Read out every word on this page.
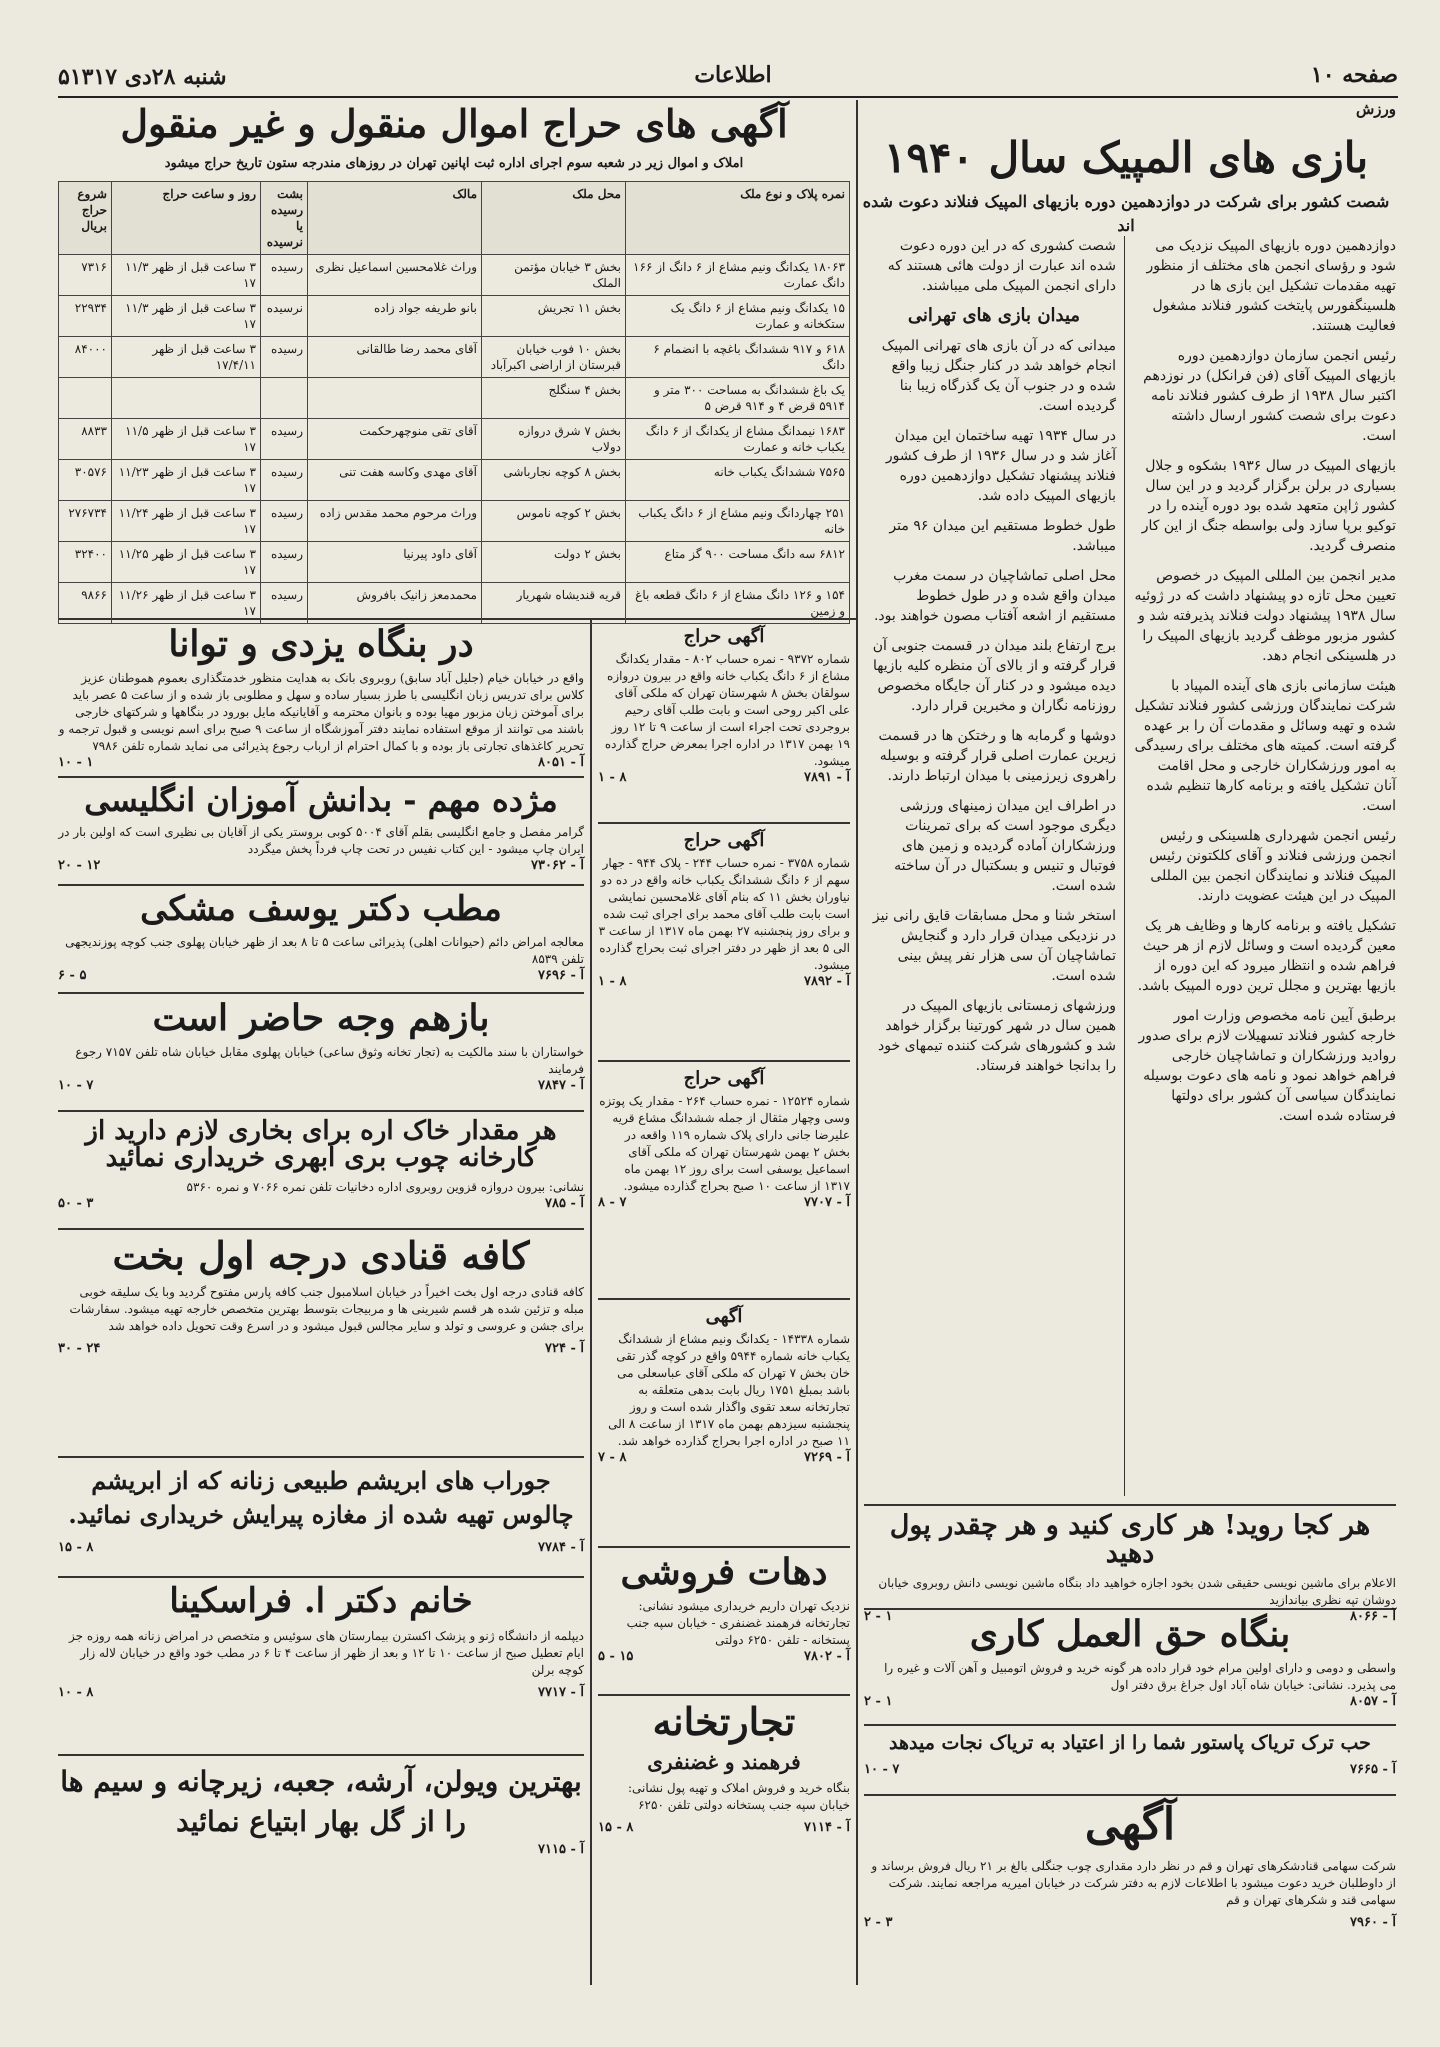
۵شنبه ۲۸دی ۱۳۱۷	اطلاعات	صفحه ۱۰
ورزش
بازی های المپیک سال ۱۹۴۰
شصت کشور برای شرکت در دوازدهمین دوره بازیهای المپیک فنلاند دعوت شده اند

دوازدهمین دوره بازیهای المپیک نزدیک می شود و رؤسای انجمن های مختلف از منظور تهیه مقدمات تشکیل این بازی ها در هلسینگفورس پایتخت کشور فنلاند مشغول فعالیت هستند.

رئیس انجمن سازمان دوازدهمین دوره بازیهای المپیک آقای (فن فرانکل) در نوزدهم اکتبر سال ۱۹۳۸ از طرف کشور فنلاند نامه دعوت برای شصت کشور ارسال داشته است.

بازیهای المپیک در سال ۱۹۳۶ بشکوه و جلال بسیاری در برلن برگزار گردید و در این سال کشور ژاپن متعهد شده بود دوره آینده را در توکیو برپا سازد ولی بواسطه جنگ از این کار منصرف گردید.

مدیر انجمن بین المللی المپیک در خصوص تعیین محل تازه دو پیشنهاد داشت که در ژوئیه سال ۱۹۳۸ پیشنهاد دولت فنلاند پذیرفته شد و کشور مزبور موظف گردید بازیهای المپیک را در هلسینکی انجام دهد.

هیئت سازمانی بازی های آینده المپیاد با شرکت نمایندگان ورزشی کشور فنلاند تشکیل شده و تهیه وسائل و مقدمات آن را بر عهده گرفته است. کمیته های مختلف برای رسیدگی به امور ورزشکاران خارجی و محل اقامت آنان تشکیل یافته و برنامه کارها تنظیم شده است.

رئیس انجمن شهرداری هلسینکی و رئیس انجمن ورزشی فنلاند و آقای کلکتونن رئیس المپیک فنلاند و نمایندگان انجمن بین المللی المپیک در این هیئت عضویت دارند.

تشکیل یافته و برنامه کارها و وظایف هر یک معین گردیده است و وسائل لازم از هر حیث فراهم شده و انتظار میرود که این دوره از بازیها بهترین و مجلل ترین دوره المپیک باشد.

برطبق آیین نامه مخصوص وزارت امور خارجه کشور فنلاند تسهیلات لازم برای صدور روادید ورزشکاران و تماشاچیان خارجی فراهم خواهد نمود و نامه های دعوت بوسیله نمایندگان سیاسی آن کشور برای دولتها فرستاده شده است.

شصت کشوری که در این دوره دعوت شده اند عبارت از دولت هائی هستند که دارای انجمن المپیک ملی میباشند.

میدان بازی های تهرانی

میدانی که در آن بازی های تهرانی المپیک انجام خواهد شد در کنار جنگل زیبا واقع شده و در جنوب آن یک گذرگاه زیبا بنا گردیده است.

در سال ۱۹۳۴ تهیه ساختمان این میدان آغاز شد و در سال ۱۹۳۶ از طرف کشور فنلاند پیشنهاد تشکیل دوازدهمین دوره بازیهای المپیک داده شد.

طول خطوط مستقیم این میدان ۹۶ متر میباشد.

محل اصلی تماشاچیان در سمت مغرب میدان واقع شده و در طول خطوط مستقیم از اشعه آفتاب مصون خواهند بود.

برج ارتفاع بلند میدان در قسمت جنوبی آن قرار گرفته و از بالای آن منظره کلیه بازیها دیده میشود و در کنار آن جایگاه مخصوص روزنامه نگاران و مخبرین قرار دارد.

دوشها و گرمابه ها و رختکن ها در قسمت زیرین عمارت اصلی قرار گرفته و بوسیله راهروی زیرزمینی با میدان ارتباط دارند.

در اطراف این میدان زمینهای ورزشی دیگری موجود است که برای تمرینات ورزشکاران آماده گردیده و زمین های فوتبال و تنیس و بسکتبال در آن ساخته شده است.

استخر شنا و محل مسابقات قایق رانی نیز در نزدیکی میدان قرار دارد و گنجایش تماشاچیان آن سی هزار نفر پیش بینی شده است.

ورزشهای زمستانی بازیهای المپیک در همین سال در شهر کورتینا برگزار خواهد شد و کشورهای شرکت کننده تیمهای خود را بدانجا خواهند فرستاد.

آگهی های حراج اموال منقول و غیر منقول
املاک و اموال زیر در شعبه سوم اجرای اداره ثبت اپانین تهران در روزهای مندرجه ستون تاریخ حراج میشود
نمره پلاک و نوع ملک	محل ملک	مالک	بشت رسیده یا نرسیده	روز و ساعت حراج	شروع حراج بریال
۱۸۰۶۳ یکدانگ ونیم مشاع از ۶ دانگ از ۱۶۶ دانگ عمارت	بخش ۳ خیابان مؤتمن الملک	وراث غلامحسین اسماعیل نظری	رسیده	۳ ساعت قبل از ظهر ۱۱/۳ ۱۷	۷۳۱۶
۱۵ یکدانگ ونیم مشاع از ۶ دانگ یک ستکخانه و عمارت	بخش ۱۱ تجریش	بانو طریفه جواد زاده	نرسیده	۳ ساعت قبل از ظهر ۱۱/۳ ۱۷	۲۲۹۳۴
۶۱۸ و ۹۱۷ ششدانگ باغچه با انضمام ۶ دانگ	بخش ۱۰ فوب خیابان قبرستان از اراضی اکبرآباد	آقای محمد رضا طالقانی	رسیده	۳ ساعت قبل از ظهر ۱۷/۴/۱۱	۸۴۰۰۰
یک باغ ششدانگ به مساحت ۳۰۰ متر و ۵۹۱۴ قرض ۴ و ۹۱۴ قرض ۵	بخش ۴ سنگلج				
۱۶۸۳ نیمدانگ مشاع از یکدانگ از ۶ دانگ یکباب خانه و عمارت	بخش ۷ شرق دروازه دولاب	آقای تقی منوچهرحکمت	رسیده	۳ ساعت قبل از ظهر ۱۱/۵ ۱۷	۸۸۳۳
۷۵۶۵ ششدانگ یکباب خانه	بخش ۸ کوچه نجارباشی	آقای مهدی وکاسه هفت تنی	رسیده	۳ ساعت قبل از ظهر ۱۱/۲۳ ۱۷	۳۰۵۷۶
۲۵۱ چهاردانگ ونیم مشاع از ۶ دانگ یکباب خانه	بخش ۲ کوچه ناموس	وراث مرحوم محمد مقدس زاده	رسیده	۳ ساعت قبل از ظهر ۱۱/۲۴ ۱۷	۲۷۶۷۳۴
۶۸۱۲ سه دانگ مساحت ۹۰۰ گز متاع	بخش ۲ دولت	آقای داود پیرنیا	رسیده	۳ ساعت قبل از ظهر ۱۱/۲۵ ۱۷	۳۲۴۰۰
۱۵۴ و ۱۲۶ دانگ مشاع از ۶ دانگ قطعه باغ و زمین	قریه قندیشاه شهریار	محمدمعز زانیک بافروش	رسیده	۳ ساعت قبل از ظهر ۱۱/۲۶ ۱۷	۹۸۶۶
در بنگاه یزدی و توانا
واقع در خیابان خیام (جلیل آباد سابق) روبروی بانک به هدایت منظور خدمتگذاری بعموم هموطنان عزیز کلاس برای تدریس زبان انگلیسی با طرز بسیار ساده و سهل و مطلوبی باز شده و از ساعت ۵ عصر باید برای آموختن زبان مزبور مهیا بوده و بانوان محترمه و آقایانیکه مایل بورود در بنگاهها و شرکتهای خارجی باشند می توانند از موقع استفاده نمایند دفتر آموزشگاه از ساعت ۹ صبح برای اسم نویسی و قبول ترجمه و تحریر کاغذهای تجارتی باز بوده و با کمال احترام از ارباب رجوع پذیرائی می نماید شماره تلفن ۷۹۸۶
آ - ۸۰۵۱
۱ - ۱۰
مژده مهم - بدانش آموزان انگلیسی
گرامر مفصل و جامع انگلیسی بقلم آقای ۵۰۰۴ کوبی بروستر یکی از آقایان بی نظیری است که اولین بار در ایران چاپ میشود - این کتاب نفیس در تحت چاپ فرداً پخش میگردد
آ - ۷۳۰۶۲
۱۲ - ۲۰
مطب دکتر یوسف مشکی
معالجه امراض دائم (حیوانات اهلی) پذیرائی ساعت ۵ تا ۸ بعد از ظهر خیابان پهلوی جنب کوچه پوزندیجهی تلفن ۸۵۳۹
آ - ۷۶۹۶
۵ - ۶
بازهم وجه حاضر است
خواستاران با سند مالکیت به (تجار تخانه وثوق ساعی) خیابان پهلوی مقابل خیابان شاه تلفن ۷۱۵۷ رجوع فرمایند
آ - ۷۸۴۷
۷ - ۱۰
هر مقدار خاک اره برای بخاری لازم دارید از کارخانه چوب بری ابهری خریداری نمائید
نشانی: بیرون دروازه قزوین روبروی اداره دخانیات تلفن نمره ۷۰۶۶ و نمره ۵۳۶۰
آ - ۷۸۵
۳ - ۵۰
کافه قنادی درجه اول بخت
کافه قنادی درجه اول بخت اخیراً در خیابان اسلامبول جنب کافه پارس مفتوح گردید وبا یک سلیقه خوبی مبله و تزئین شده هر قسم شیرینی ها و مربیجات بتوسط بهترین متخصص خارجه تهیه میشود. سفارشات برای جشن و عروسی و تولد و سایر مجالس قبول میشود و در اسرع وقت تحویل داده خواهد شد
آ - ۷۲۴
۲۴ - ۳۰
جوراب های ابریشم طبیعی زنانه که از ابریشم چالوس تهیه شده از مغازه پیرایش خریداری نمائید.
آ - ۷۷۸۴
۸ - ۱۵
خانم دکتر ا. فراسکینا
دیپلمه از دانشگاه ژنو و پزشک اکسترن بیمارستان های سوئیس و متخصص در امراض زنانه همه روزه جز ایام تعطیل صبح از ساعت ۱۰ تا ۱۲ و بعد از ظهر از ساعت ۴ تا ۶ در مطب خود واقع در خیابان لاله زار کوچه برلن
آ - ۷۷۱۷
۸ - ۱۰
بهترین ویولن، آرشه، جعبه، زیرچانه و سیم ها را از گل بهار ابتیاع نمائید
آ - ۷۱۱۵
آگهی حراج
شماره ۹۳۷۲ - نمره حساب ۸۰۲ - مقدار یکدانگ مشاع از ۶ دانگ یکباب خانه واقع در بیرون دروازه سولقان بخش ۸ شهرستان تهران که ملکی آقای علی اکبر روحی است و بابت طلب آقای رحیم بروجردی تحت اجراء است از ساعت ۹ تا ۱۲ روز ۱۹ بهمن ۱۳۱۷ در اداره اجرا بمعرض حراج گذارده میشود.
آ - ۷۸۹۱
۸ - ۱
آگهی حراج
شماره ۳۷۵۸ - نمره حساب ۲۴۴ - پلاک ۹۴۴ - جهار سهم از ۶ دانگ ششدانگ یکباب خانه واقع در ده دو نیاوران بخش ۱۱ که بنام آقای غلامحسین نمایشی است بابت طلب آقای محمد برای اجرای ثبت شده و برای روز پنجشنبه ۲۷ بهمن ماه ۱۳۱۷ از ساعت ۳ الی ۵ بعد از ظهر در دفتر اجرای ثبت بحراج گذارده میشود.
آ - ۷۸۹۲
۸ - ۱
آگهی حراج
شماره ۱۲۵۲۴ - نمره حساب ۲۶۴ - مقدار یک پوتزه وسی وچهار مثقال از جمله ششدانگ مشاع قریه علیرضا جانی دارای پلاک شماره ۱۱۹ واقعه در بخش ۲ بهمن شهرستان تهران که ملکی آقای اسماعیل یوسفی است برای روز ۱۲ بهمن ماه ۱۳۱۷ از ساعت ۱۰ صبح بحراج گذارده میشود.
آ - ۷۷۰۷
۷ - ۸
آگهی
شماره ۱۴۳۳۸ - یکدانگ ونیم مشاع از ششدانگ یکباب خانه شماره ۵۹۴۴ واقع در کوچه گذر تقی خان بخش ۷ تهران که ملکی آقای عباسعلی می باشد بمبلغ ۱۷۵۱ ریال بابت بدهی متعلقه به تجارتخانه سعد تقوی واگذار شده است و روز پنجشنبه سیزدهم بهمن ماه ۱۳۱۷ از ساعت ۸ الی ۱۱ صبح در اداره اجرا بحراج گذارده خواهد شد.
آ - ۷۲۶۹
۸ - ۷
دهات فروشی
نزدیک تهران داریم خریداری میشود نشانی: تجارتخانه فرهمند غضنفری - خیابان سپه جنب پستخانه - تلفن ۶۲۵۰ دولتی
آ - ۷۸۰۲
۱۵ - ۵
تجارتخانه
فرهمند و غضنفری
بنگاه خرید و فروش املاک و تهیه پول نشانی: خیابان سپه جنب پستخانه دولتی تلفن ۶۲۵۰
آ - ۷۱۱۴
۸ - ۱۵
هر کجا روید! هر کاری کنید و هر چقدر پول دهید
الاعلام برای ماشین نویسی حقیقی شدن بخود اجازه خواهید داد بنگاه ماشین نویسی دانش روبروی خیابان دوشان تپه نظری بیاندازید
آ - ۸۰۶۶
۱ - ۲	بنگاه حق العمل کاری
واسطی و دومی و دارای اولین مرام خود قرار داده هر گونه خرید و فروش اتومبیل و آهن آلات و غیره را می پذیرد. نشانی: خیابان شاه آباد اول جراغ برق دفتر اول
آ - ۸۰۵۷
۱ - ۲
حب ترک تریاک پاستور شما را از اعتیاد به تریاک نجات میدهد
آ - ۷۶۶۵
۷ - ۱۰
آگهی
شرکت سهامی قنادشکرهای تهران و قم در نظر دارد مقداری چوب جنگلی بالغ بر ۲۱ ریال فروش برساند و از داوطلبان خرید دعوت میشود با اطلاعات لازم به دفتر شرکت در خیابان امیریه مراجعه نمایند. شرکت سهامی قند و شکرهای تهران و قم
آ - ۷۹۶۰
۳ - ۲
